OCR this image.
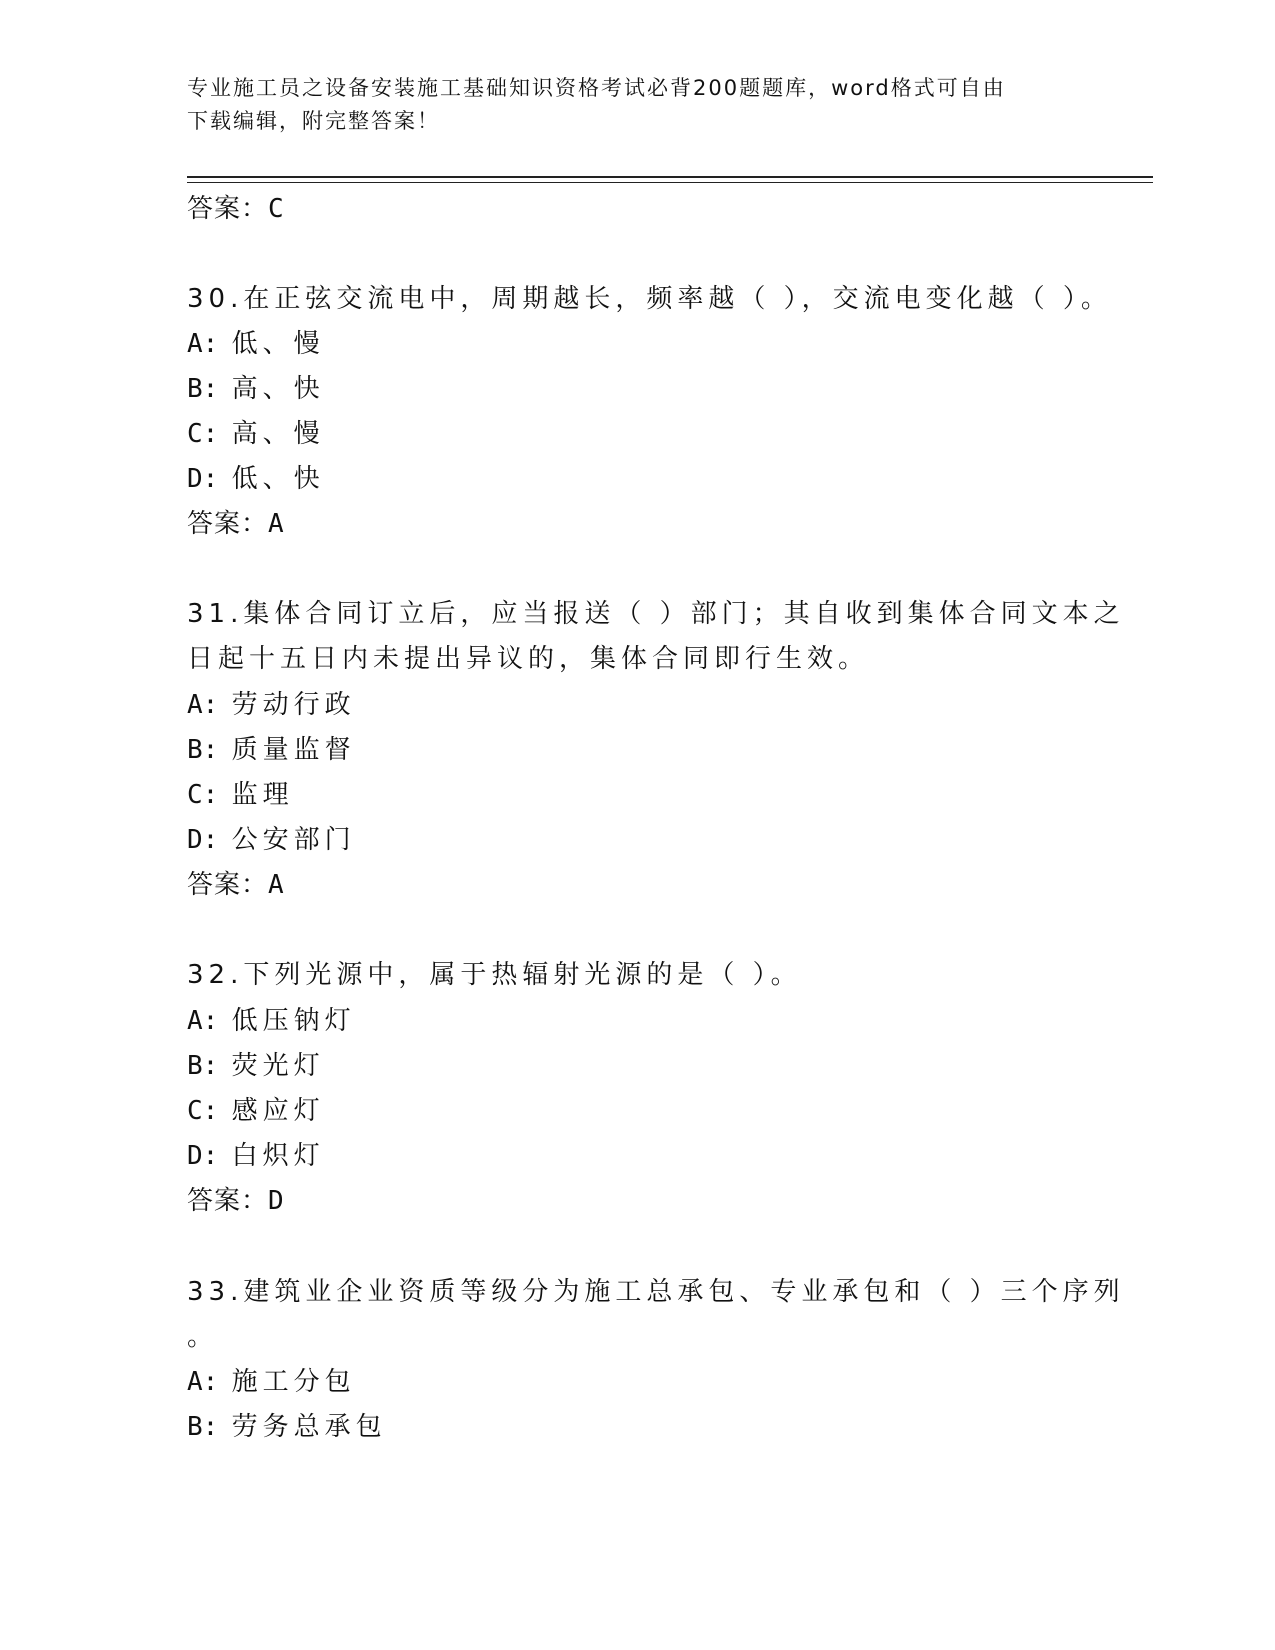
专业施工员之设备安装施工基础知识资格考试必背200题题库，word格式可自由
下载编辑，附完整答案！
答案：C
30.在正弦交流电中，周期越长，频率越（ ），交流电变化越（ ）。
A: 低、慢
B: 高、快
C: 高、慢
D: 低、快
答案：A
31.集体合同订立后，应当报送（ ）部门；其自收到集体合同文本之
日起十五日内未提出异议的，集体合同即行生效。
A: 劳动行政
B: 质量监督
C: 监理
D: 公安部门
答案：A
32.下列光源中，属于热辐射光源的是（ ）。
A: 低压钠灯
B: 荧光灯
C: 感应灯
D: 白炽灯
答案：D
33.建筑业企业资质等级分为施工总承包、专业承包和（ ）三个序列
。
A: 施工分包
B: 劳务总承包
